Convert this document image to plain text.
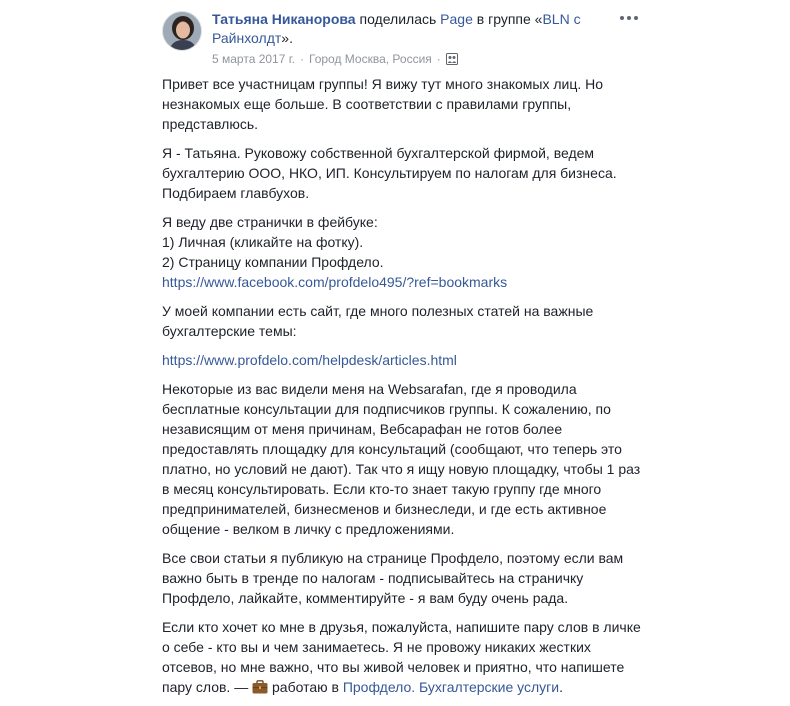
Татьяна Никанорова поделилась Page в группе «BLN с Райнхолдт».
5 марта 2017 г. · Город Москва, Россия ·

Привет все участницам группы! Я вижу тут много знакомых лиц. Но незнакомых еще больше. В соответствии с правилами группы, представлюсь.

Я - Татьяна. Руковожу собственной бухгалтерской фирмой, ведем бухгалтерию ООО, НКО, ИП. Консультируем по налогам для бизнеса. Подбираем главбухов.

Я веду две странички в фейбуке:
1) Личная (кликайте на фотку).
2) Страницу компании Профдело.
https://www.facebook.com/profdelo495/?ref=bookmarks

У моей компании есть сайт, где много полезных статей на важные бухгалтерские темы:

https://www.profdelo.com/helpdesk/articles.html

Некоторые из вас видели меня на Websarafan, где я проводила бесплатные консультации для подписчиков группы. К сожалению, по независящим от меня причинам, Вебсарафан не готов более предоставлять площадку для консультаций (сообщают, что теперь это платно, но условий не дают). Так что я ищу новую площадку, чтобы 1 раз в месяц консультировать. Если кто-то знает такую группу где много предпринимателей, бизнесменов и бизнеследи, и где есть активное общение - велком в личку с предложениями.

Все свои статьи я публикую на странице Профдело, поэтому если вам важно быть в тренде по налогам - подписывайтесь на страничку Профдело, лайкайте, комментируйте - я вам буду очень рада.

Если кто хочет ко мне в друзья, пожалуйста, напишите пару слов в личке о себе - кто вы и чем занимаетесь. Я не провожу никаких жестких отсевов, но мне важно, что вы живой человек и приятно, что напишете пару слов. — работаю в Профдело. Бухгалтерские услуги.
